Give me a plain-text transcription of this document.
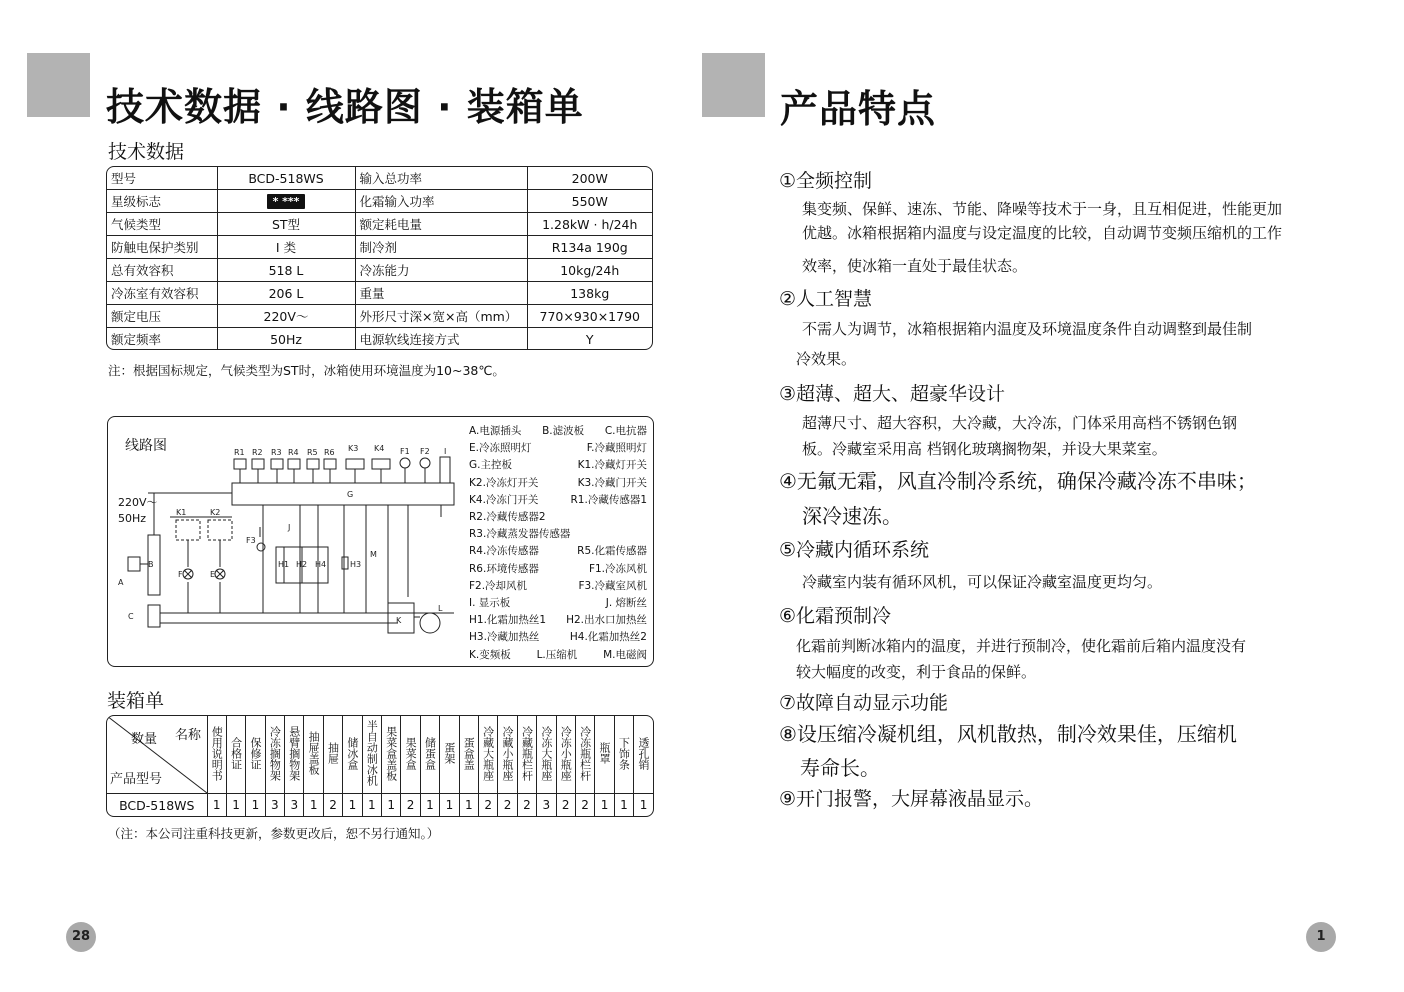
技术数据 · 线路图 · 装箱单
技术数据
型号	BCD-518WS	输入总功率	200W
星级标志	* ***	化霜输入功率	550W
气候类型	ST型	额定耗电量	1.28kW · h/24h
防触电保护类别	Ⅰ 类	制冷剂	R134a 190g
总有效容积	518 L	冷冻能力	10kg/24h
冷冻室有效容积	206 L	重量	138kg
额定电压	220V～	外形尺寸深×宽×高（mm）	770×930×1790
额定频率	50Hz	电源软线连接方式	Y
注：根据国标规定，气候类型为ST时，冰箱使用环境温度为10~38℃。
线路图
220V～
50Hz
R1 R2 R3 R4 R5 R6 K3 K4 F1 F2 I
G
K1	K2
F3
J
H1 H2 H4	H3
M
A
B
C
F	E
K
L
A.电源插头 B.滤波板 C.电抗器
E.冷冻照明灯	F.冷藏照明灯
G.主控板	K1.冷藏灯开关
K2.冷冻灯开关	K3.冷藏门开关
K4.冷冻门开关	R1.冷藏传感器1
R2.冷藏传感器2
R3.冷藏蒸发器传感器
R4.冷冻传感器	R5.化霜传感器
R6.环境传感器	F1.冷冻风机
F2.冷却风机	F3.冷藏室风机
I. 显示板	J. 熔断丝
H1.化霜加热丝1 H2.出水口加热丝
H3.冷藏加热丝	H4.化霜加热丝2
K.变频板 L.压缩机 M.电磁阀
装箱单
数量 名称
产品型号	使用说明书	合格证	保修证	冷冻搁物架	悬臂搁物架	抽屉盖板	抽屉	储冰盒	半自动制冰机	果菜盒盖板	果菜盒	储蛋盒	蛋架	蛋盒盖	冷藏大瓶座	冷藏小瓶座	冷藏瓶栏杆	冷冻大瓶座	冷冻小瓶座	冷冻瓶栏杆	瓶罩	下饰条	透孔销
BCD-518WS	1	1	1	3	3	1	2	1	1	1	2	1	1	1	2	2	2	3	2	2	1	1	1
（注：本公司注重科技更新，参数更改后，恕不另行通知。）
28
产品特点
①全频控制
集变频、保鲜、速冻、节能、降噪等技术于一身，且互相促进，性能更加
优越。冰箱根据箱内温度与设定温度的比较，自动调节变频压缩机的工作
效率，使冰箱一直处于最佳状态。
②人工智慧
不需人为调节，冰箱根据箱内温度及环境温度条件自动调整到最佳制
冷效果。
③超薄、超大、超豪华设计
超薄尺寸、超大容积，大冷藏，大冷冻，门体采用高档不锈钢色钢
板。冷藏室采用高 档钢化玻璃搁物架，并设大果菜室。
④无氟无霜，风直冷制冷系统，确保冷藏冷冻不串味；
深冷速冻。
⑤冷藏内循环系统
冷藏室内装有循环风机，可以保证冷藏室温度更均匀。
⑥化霜预制冷
化霜前判断冰箱内的温度，并进行预制冷，使化霜前后箱内温度没有
较大幅度的改变，利于食品的保鲜。
⑦故障自动显示功能
⑧设压缩冷凝机组，风机散热，制冷效果佳，压缩机
寿命长。
⑨开门报警，大屏幕液晶显示。
1
